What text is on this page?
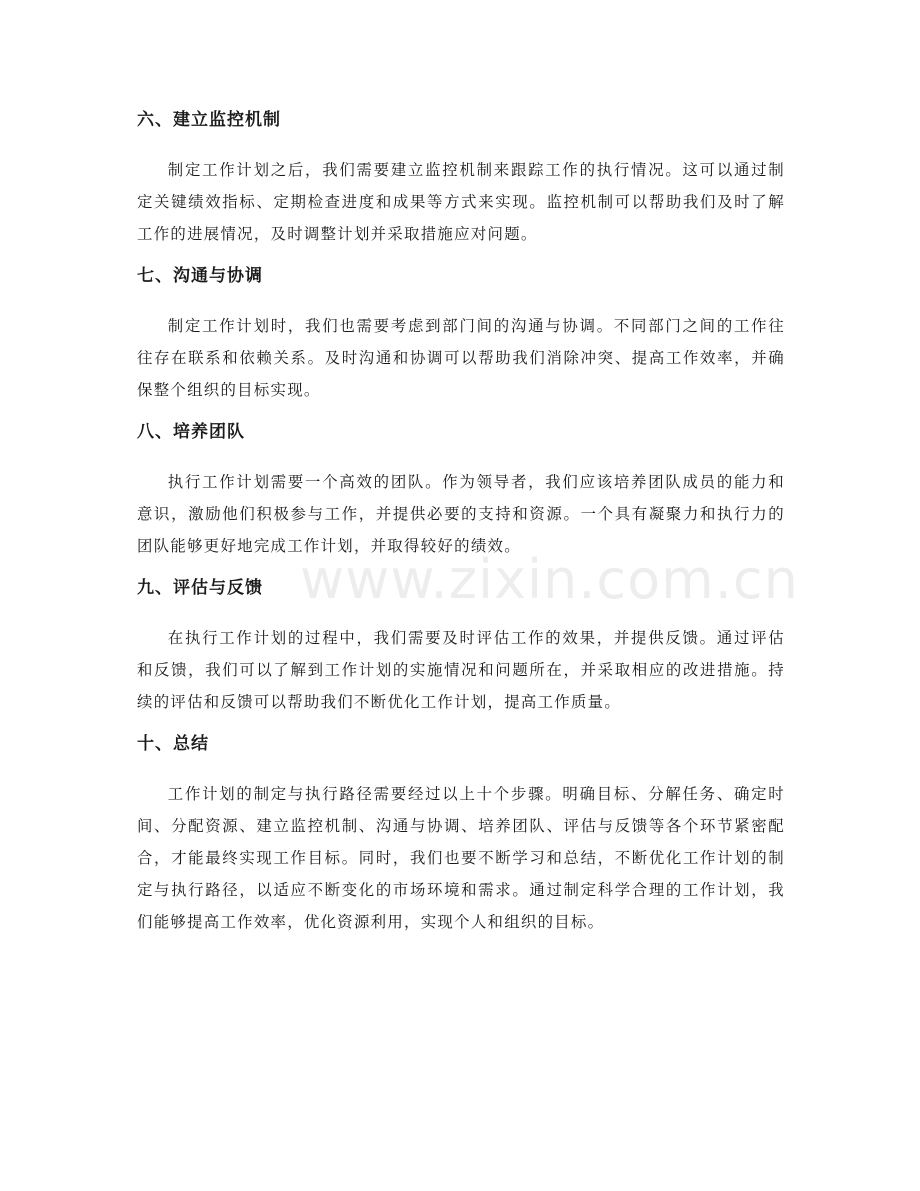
六、建立监控机制

制定工作计划之后，我们需要建立监控机制来跟踪工作的执行情况。这可以通过制定关键绩效指标、定期检查进度和成果等方式来实现。监控机制可以帮助我们及时了解工作的进展情况，及时调整计划并采取措施应对问题。

七、沟通与协调

制定工作计划时，我们也需要考虑到部门间的沟通与协调。不同部门之间的工作往往存在联系和依赖关系。及时沟通和协调可以帮助我们消除冲突、提高工作效率，并确保整个组织的目标实现。

八、培养团队

执行工作计划需要一个高效的团队。作为领导者，我们应该培养团队成员的能力和意识，激励他们积极参与工作，并提供必要的支持和资源。一个具有凝聚力和执行力的团队能够更好地完成工作计划，并取得较好的绩效。

九、评估与反馈

在执行工作计划的过程中，我们需要及时评估工作的效果，并提供反馈。通过评估和反馈，我们可以了解到工作计划的实施情况和问题所在，并采取相应的改进措施。持续的评估和反馈可以帮助我们不断优化工作计划，提高工作质量。

十、总结

工作计划的制定与执行路径需要经过以上十个步骤。明确目标、分解任务、确定时间、分配资源、建立监控机制、沟通与协调、培养团队、评估与反馈等各个环节紧密配合，才能最终实现工作目标。同时，我们也要不断学习和总结，不断优化工作计划的制定与执行路径，以适应不断变化的市场环境和需求。通过制定科学合理的工作计划，我们能够提高工作效率，优化资源利用，实现个人和组织的目标。

www.zixin.com.cn
